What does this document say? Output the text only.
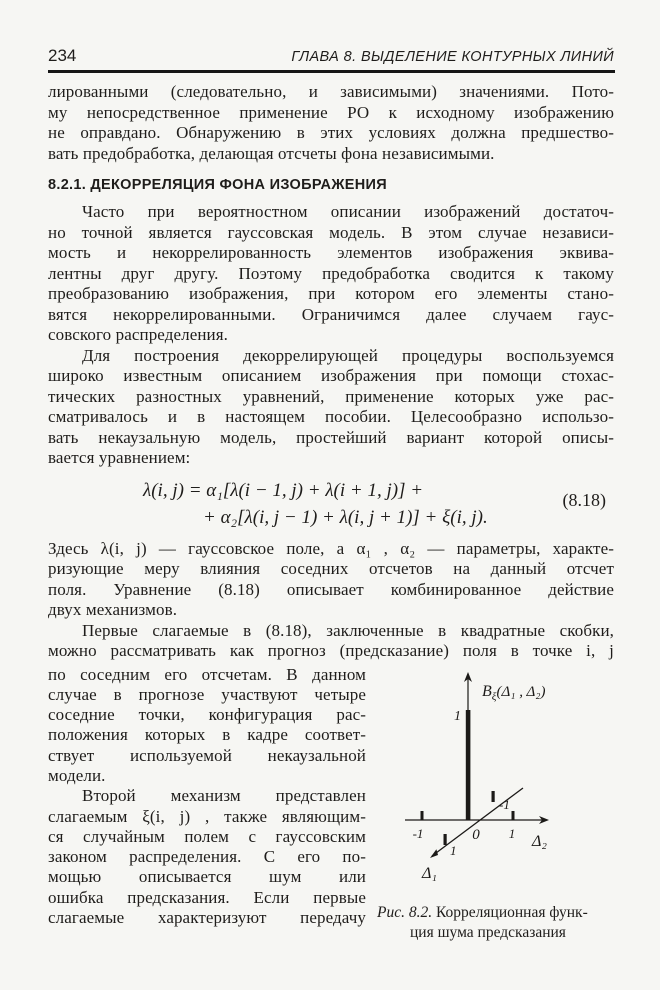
234	ГЛАВА 8. ВЫДЕЛЕНИЕ КОНТУРНЫХ ЛИНИЙ
лированными (следовательно, и зависимыми) значениями. Пото-
му непосредственное применение РО к исходному изображению
не оправдано. Обнаружению в этих условиях должна предшество-
вать предобработка, делающая отсчеты фона независимыми.
8.2.1. ДЕКОРРЕЛЯЦИЯ ФОНА ИЗОБРАЖЕНИЯ
Часто при вероятностном описании изображений достаточ-
но точной является гауссовская модель. В этом случае независи-
мость и некоррелированность элементов изображения эквива-
лентны друг другу. Поэтому предобработка сводится к такому
преобразованию изображения, при котором его элементы стано-
вятся некоррелированными. Ограничимся далее случаем гаус-
совского распределения.
Для построения декоррелирующей процедуры воспользуемся
широко известным описанием изображения при помощи стохас-
тических разностных уравнений, применение которых уже рас-
сматривалось и в настоящем пособии. Целесообразно использо-
вать некаузальную модель, простейший вариант которой описы-
вается уравнением:
λ(i, j) = α₁[λ(i − 1, j) + λ(i + 1, j)] +
+ α₂[λ(i, j − 1) + λ(i, j + 1)] + ξ(i, j).
(8.18)
Здесь λ(i, j) — гауссовское поле, а α₁ , α₂ — параметры, характе-
ризующие меру влияния соседних отсчетов на данный отсчет
поля. Уравнение (8.18) описывает комбинированное действие
двух механизмов.
Первые слагаемые в (8.18), заключенные в квадратные скобки,
можно рассматривать как прогноз (предсказание) поля в точке i, j
по соседним его отсчетам. В данном
случае в прогнозе участвуют четыре
соседние точки, конфигурация рас-
положения которых в кадре соответ-
ствует используемой некаузальной
модели.
Второй механизм представлен
слагаемым ξ(i, j) , также являющим-
ся случайным полем с гауссовским
законом распределения. С его по-
мощью описывается шум или
ошибка предсказания. Если первые
слагаемые характеризуют передачу
1
$B_\xi(\Delta_1$ , Δ₂)
-1	0 1 Δ₂
-1
1
Δ₁
Рис. 8.2. Корреляционная функ-
ция шума предсказания
